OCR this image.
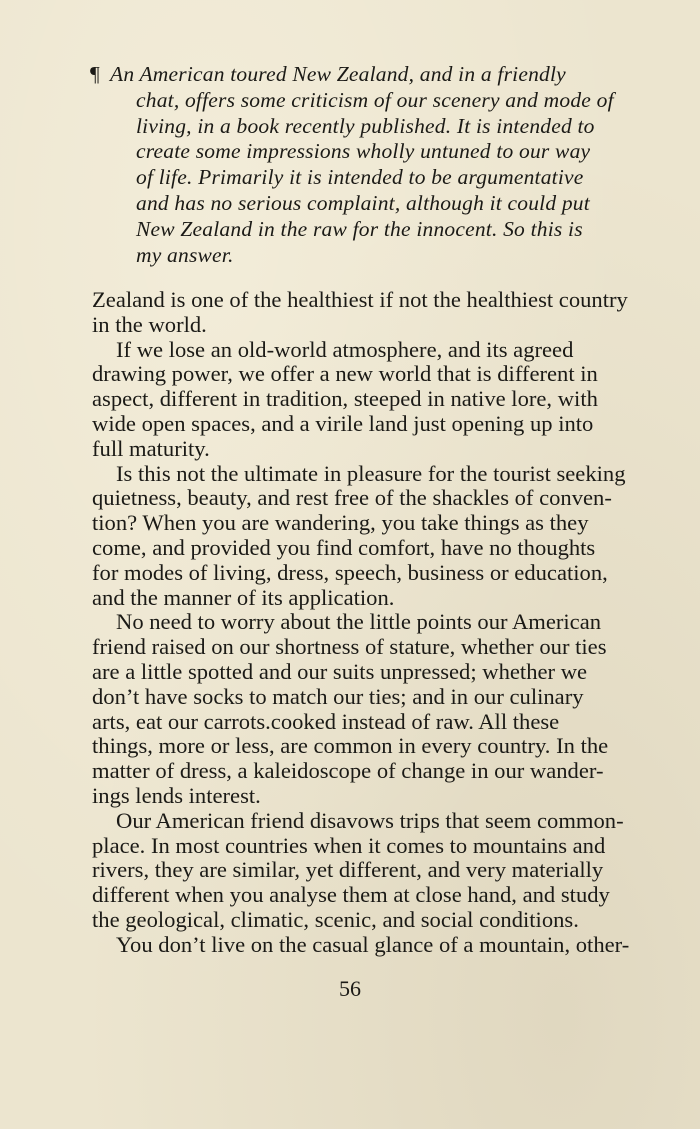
¶ An American toured New Zealand, and in a friendly
chat, offers some criticism of our scenery and mode of
living, in a book recently published. It is intended to
create some impressions wholly untuned to our way
of life. Primarily it is intended to be argumentative
and has no serious complaint, although it could put
New Zealand in the raw for the innocent. So this is
my answer.
Zealand is one of the healthiest if not the healthiest country
in the world.
If we lose an old-world atmosphere, and its agreed
drawing power, we offer a new world that is different in
aspect, different in tradition, steeped in native lore, with
wide open spaces, and a virile land just opening up into
full maturity.
Is this not the ultimate in pleasure for the tourist seeking
quietness, beauty, and rest free of the shackles of conven-
tion? When you are wandering, you take things as they
come, and provided you find comfort, have no thoughts
for modes of living, dress, speech, business or education,
and the manner of its application.
No need to worry about the little points our American
friend raised on our shortness of stature, whether our ties
are a little spotted and our suits unpressed; whether we
don’t have socks to match our ties; and in our culinary
arts, eat our carrots.cooked instead of raw. All these
things, more or less, are common in every country. In the
matter of dress, a kaleidoscope of change in our wander-
ings lends interest.
Our American friend disavows trips that seem common-
place. In most countries when it comes to mountains and
rivers, they are similar, yet different, and very materially
different when you analyse them at close hand, and study
the geological, climatic, scenic, and social conditions.
You don’t live on the casual glance of a mountain, other-
56
